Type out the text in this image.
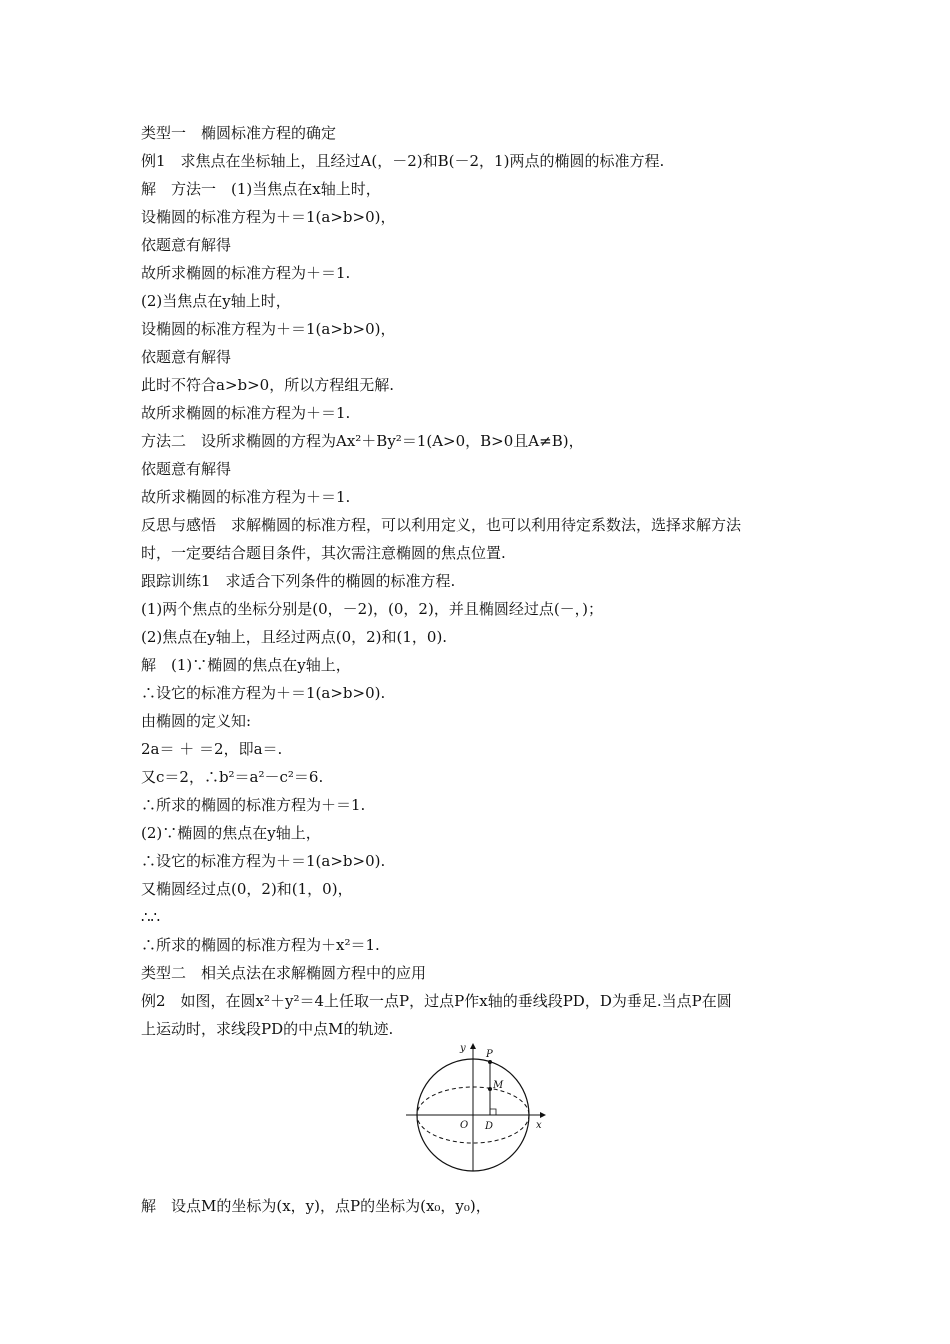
类型一　椭圆标准方程的确定
例1　求焦点在坐标轴上，且经过A(，－2)和B(－2，1)两点的椭圆的标准方程.
解　方法一　(1)当焦点在x轴上时，
设椭圆的标准方程为＋＝1(a>b>0)，
依题意有解得
故所求椭圆的标准方程为＋＝1.
(2)当焦点在y轴上时，
设椭圆的标准方程为＋＝1(a>b>0)，
依题意有解得
此时不符合a>b>0，所以方程组无解.
故所求椭圆的标准方程为＋＝1.
方法二　设所求椭圆的方程为Ax²＋By²＝1(A>0，B>0且A≠B)，
依题意有解得
故所求椭圆的标准方程为＋＝1.
反思与感悟　求解椭圆的标准方程，可以利用定义，也可以利用待定系数法，选择求解方法
时，一定要结合题目条件，其次需注意椭圆的焦点位置.
跟踪训练1　求适合下列条件的椭圆的标准方程.
(1)两个焦点的坐标分别是(0，－2)，(0，2)，并且椭圆经过点(－，)；
(2)焦点在y轴上，且经过两点(0，2)和(1，0).
解　(1)∵椭圆的焦点在y轴上，
∴设它的标准方程为＋＝1(a>b>0).
由椭圆的定义知:
2a＝ ＋ ＝2，即a＝.
又c＝2，∴b²＝a²－c²＝6.
∴所求的椭圆的标准方程为＋＝1.
(2)∵椭圆的焦点在y轴上，
∴设它的标准方程为＋＝1(a>b>0).
又椭圆经过点(0，2)和(1，0)，
∴∴
∴所求的椭圆的标准方程为＋x²＝1.
类型二　相关点法在求解椭圆方程中的应用
例2　如图，在圆x²＋y²＝4上任取一点P，过点P作x轴的垂线段PD，D为垂足.当点P在圆
上运动时，求线段PD的中点M的轨迹.
y
x
O D
P
M
解　设点M的坐标为(x，y)，点P的坐标为(x₀，y₀)，
